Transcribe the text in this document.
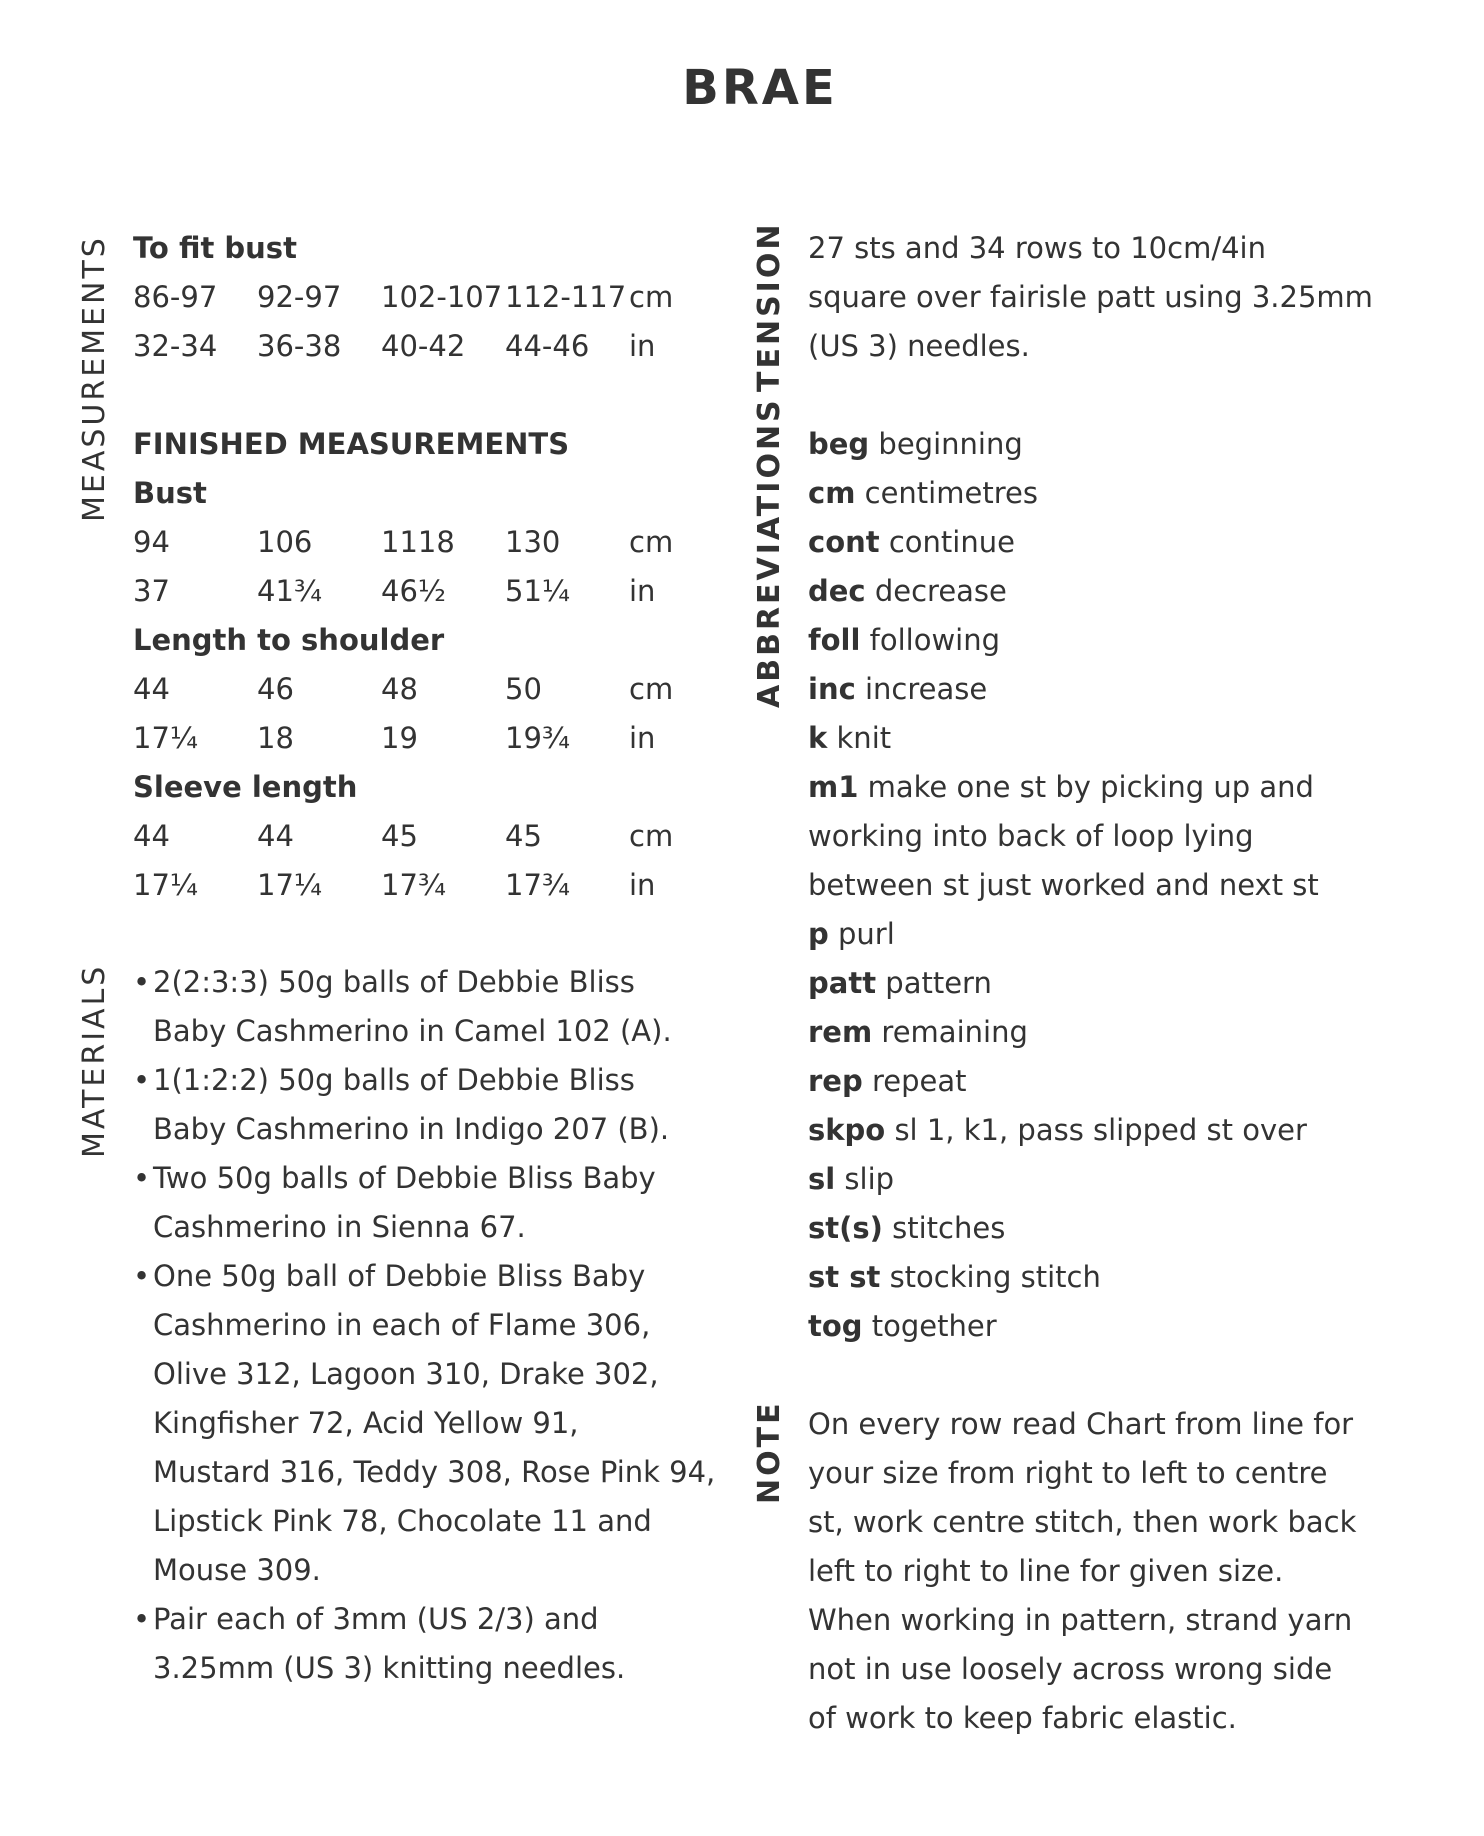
BRAE
MEASUREMENTS
MATERIALS
TENSION
ABBREVIATIONS
NOTE
To fit bust
86-97 92-97 102-107 112-117 cm
32-34 36-38 40-42 44-46 in
Bust
94	106 1118 130 cm
37	41¾ 46½ 51¼ in
Length to shoulder
44	46	48	50	cm
17¼ 18	19	19¾ in
Sleeve length
44	44	45	45	cm
17¼ 17¼ 17¾ 17¾ in
FINISHED MEASUREMENTS
• 2(2:3:3) 50g balls of Debbie Bliss
Baby Cashmerino in Camel 102 (A).
• 1(1:2:2) 50g balls of Debbie Bliss
Baby Cashmerino in Indigo 207 (B).
• Two 50g balls of Debbie Bliss Baby
Cashmerino in Sienna 67.
• One 50g ball of Debbie Bliss Baby
Cashmerino in each of Flame 306,
Olive 312, Lagoon 310, Drake 302,
Kingfisher 72, Acid Yellow 91,
Mustard 316, Teddy 308, Rose Pink 94,
Lipstick Pink 78, Chocolate 11 and
Mouse 309.
• Pair each of 3mm (US 2/3) and
3.25mm (US 3) knitting needles.
27 sts and 34 rows to 10cm/4in
square over fairisle patt using 3.25mm
(US 3) needles.
beg beginning
cm centimetres
cont continue
dec decrease
foll following
inc increase
k knit
m1 make one st by picking up and
working into back of loop lying
between st just worked and next st
p purl
patt pattern
rem remaining
rep repeat
skpo sl 1, k1, pass slipped st over
sl slip
st(s) stitches
st st stocking stitch
tog together
On every row read Chart from line for
your size from right to left to centre
st, work centre stitch, then work back
left to right to line for given size.
When working in pattern, strand yarn
not in use loosely across wrong side
of work to keep fabric elastic.
